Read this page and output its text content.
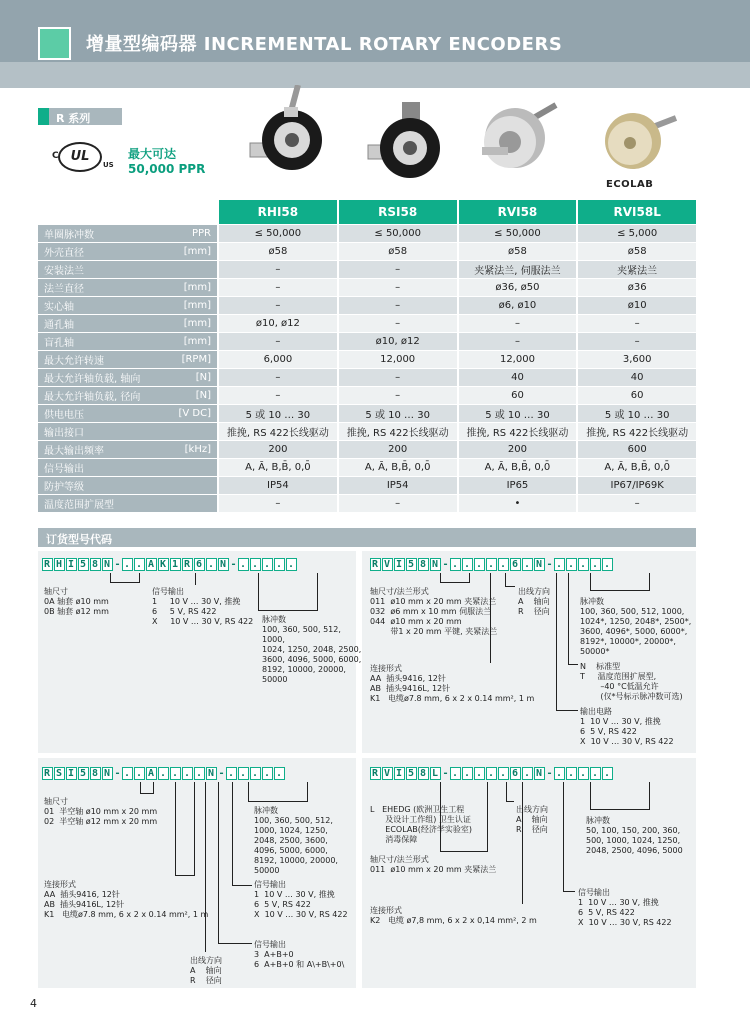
增量型编码器 INCREMENTAL ROTARY ENCODERS
R 系列
C UL
US
最大可达
50,000 PPR
ECOLAB
	RHI58	RSI58	RVI58	RVI58L
单圈脉冲数 PPR	≤ 50,000	≤ 50,000	≤ 50,000	≤ 5,000
外壳直径 [mm]	ø58	ø58	ø58	ø58
安装法兰	–	–	夹紧法兰, 伺服法兰	夹紧法兰
法兰直径 [mm]	–	–	ø36, ø50	ø36
实心轴 [mm]	–	–	ø6, ø10	ø10
通孔轴 [mm]	ø10, ø12	–	–	–
盲孔轴 [mm]	–	ø10, ø12	–	–
最大允许转速 [RPM]	6,000	12,000	12,000	3,600
最大允许轴负载, 轴向 [N]	–	–	40	40
最大允许轴负载, 径向 [N]	–	–	60	60
供电电压 [V DC]	5 或 10 … 30	5 或 10 … 30	5 或 10 … 30	5 或 10 … 30
输出接口	推挽, RS 422长线驱动	推挽, RS 422长线驱动	推挽, RS 422长线驱动	推挽, RS 422长线驱动
最大输出频率 [kHz]	200	200	200	600
信号输出	A, Ā, B,B̄, 0,0̄	A, Ā, B,B̄, 0,0̄	A, Ā, B,B̄, 0,0̄	A, Ā, B,B̄, 0,0̄
防护等级	IP54	IP54	IP65	IP67/IP69K
温度范围扩展型	–	–	•	–
订货型号代码
R H I 5 8 N - . . A K 1 R 6 . N - . . . . .	R V I 5 8 N - . . . . . 6 . N - . . . . .
R S I 5 8 N - . . A . . . . N - . . . . .	R V I 5 8 L - . . . . . 6 . N - . . . . .
轴尺寸
0A 轴套 ø10 mm
0B 轴套 ø12 mm
信号输出
1     10 V … 30 V, 推挽
6     5 V, RS 422
X     10 V … 30 V, RS 422 脉冲数
100, 360, 500, 512,
1000,
1024, 1250, 2048, 2500,
3600, 4096, 5000, 6000,
8192, 10000, 20000,
50000
轴尺寸/法兰形式
011  ø10 mm x 20 mm 夹紧法兰
032  ø6 mm x 10 mm 伺服法兰
044  ø10 mm x 20 mm
带1 x 20 mm 平键, 夹紧法兰
出线方向
A    轴向
R    径向
脉冲数
100, 360, 500, 512, 1000,
1024*, 1250, 2048*, 2500*,
3600, 4096*, 5000, 6000*,
8192*, 10000*, 20000*,
50000*
连接形式
AA  插头9416, 12针
AB  插头9416L, 12针
K1   电缆ø7.8 mm, 6 x 2 x 0.14 mm², 1 m
N    标准型
T     温度范围扩展型,
–40 °C低温允许
(仅*号标示脉冲数可选)
输出电路
1  10 V … 30 V, 推挽
6  5 V, RS 422
X  10 V … 30 V, RS 422
轴尺寸
01  半空轴 ø10 mm x 20 mm
02  半空轴 ø12 mm x 20 mm
脉冲数
100, 360, 500, 512,
1000, 1024, 1250,
2048, 2500, 3600,
4096, 5000, 6000,
8192, 10000, 20000,
50000
连接形式
AA  插头9416, 12针
AB  插头9416L, 12针
K1   电缆ø7.8 mm, 6 x 2 x 0.14 mm², 1 m
信号输出
1  10 V … 30 V, 推挽
6  5 V, RS 422
X  10 V … 30 V, RS 422
信号输出
3  A+B+0
6  A+B+0 和 A\+B\+0\
出线方向
A    轴向
R    径向
L   EHEDG (欧洲卫生工程
及设计工作组) 卫生认证
ECOLAB(经济学实验室)
消毒保障
出线方向
A    轴向
R    径向
脉冲数
50, 100, 150, 200, 360,
500, 1000, 1024, 1250,
2048, 2500, 4096, 5000
轴尺寸/法兰形式
011  ø10 mm x 20 mm 夹紧法兰
连接形式
K2   电缆 ø7,8 mm, 6 x 2 x 0,14 mm², 2 m
信号输出
1  10 V … 30 V, 推挽
6  5 V, RS 422
X  10 V … 30 V, RS 422
4
